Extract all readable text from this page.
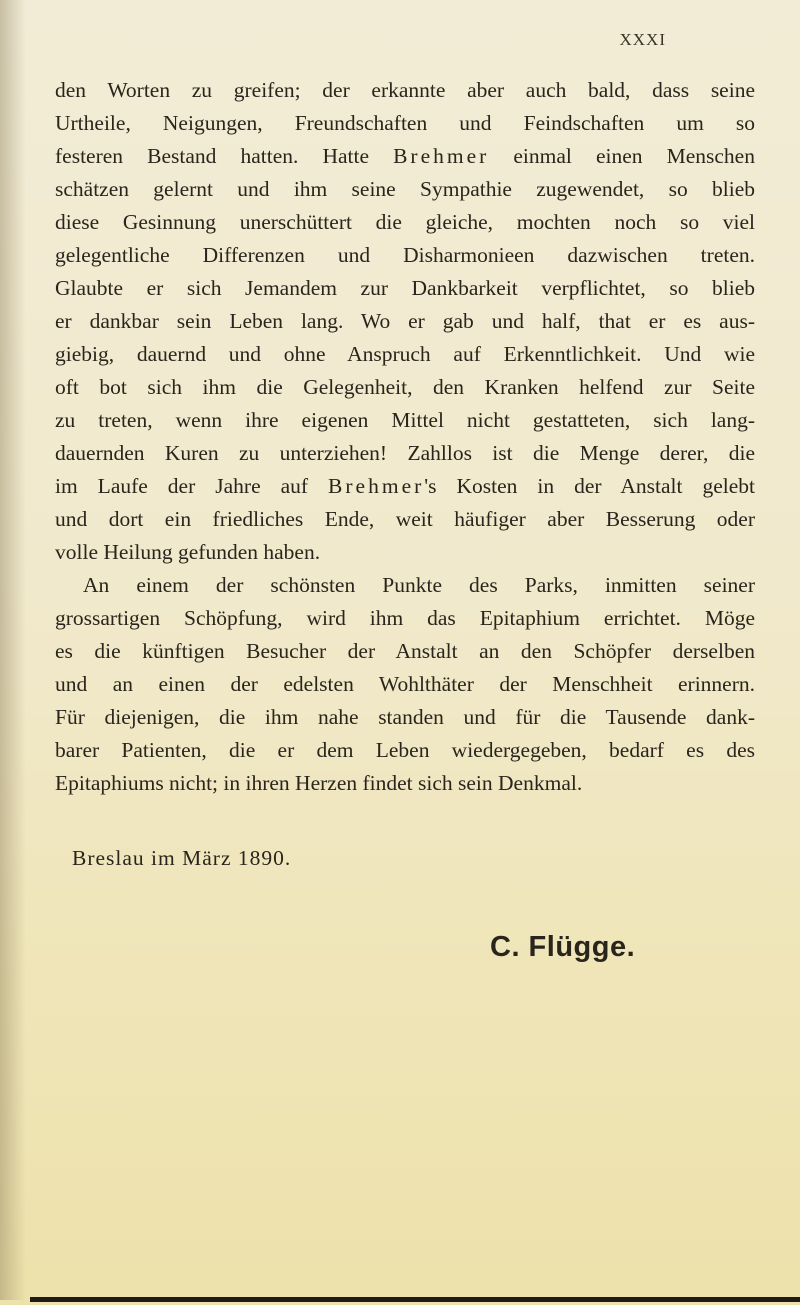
XXXI
den Worten zu greifen; der erkannte aber auch bald, dass seine
Urtheile, Neigungen, Freundschaften und Feindschaften um so
festeren Bestand hatten. Hatte Brehmer einmal einen Menschen
schätzen gelernt und ihm seine Sympathie zugewendet, so blieb
diese Gesinnung unerschüttert die gleiche, mochten noch so viel
gelegentliche Differenzen und Disharmonieen dazwischen treten.
Glaubte er sich Jemandem zur Dankbarkeit verpflichtet, so blieb
er dankbar sein Leben lang. Wo er gab und half, that er es aus-
giebig, dauernd und ohne Anspruch auf Erkenntlichkeit. Und wie
oft bot sich ihm die Gelegenheit, den Kranken helfend zur Seite
zu treten, wenn ihre eigenen Mittel nicht gestatteten, sich lang-
dauernden Kuren zu unterziehen! Zahllos ist die Menge derer, die
im Laufe der Jahre auf Brehmer's Kosten in der Anstalt gelebt
und dort ein friedliches Ende, weit häufiger aber Besserung oder
volle Heilung gefunden haben.
An einem der schönsten Punkte des Parks, inmitten seiner
grossartigen Schöpfung, wird ihm das Epitaphium errichtet. Möge
es die künftigen Besucher der Anstalt an den Schöpfer derselben
und an einen der edelsten Wohlthäter der Menschheit erinnern.
Für diejenigen, die ihm nahe standen und für die Tausende dank-
barer Patienten, die er dem Leben wiedergegeben, bedarf es des
Epitaphiums nicht; in ihren Herzen findet sich sein Denkmal.
Breslau im März 1890.
C. Flügge.
